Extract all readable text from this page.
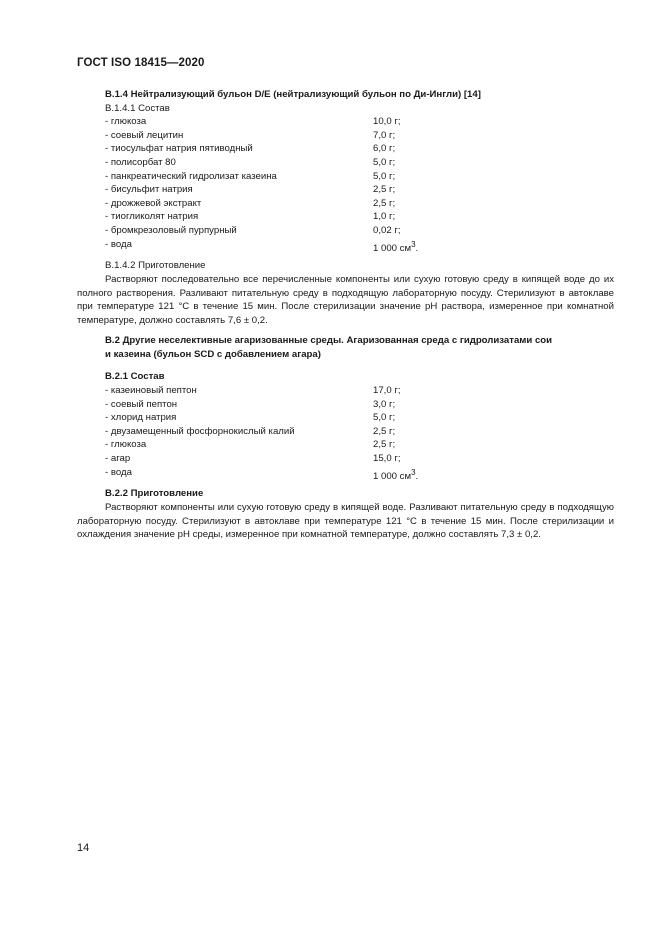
ГОСТ ISO 18415—2020
B.1.4 Нейтрализующий бульон D/E (нейтрализующий бульон по Ди-Ингли) [14]
B.1.4.1 Состав
- глюкоза	10,0 г;
- соевый лецитин	7,0 г;
- тиосульфат натрия пятиводный	6,0 г;
- полисорбат 80	5,0 г;
- панкреатический гидролизат казеина	5,0 г;
- бисульфит натрия	2,5 г;
- дрожжевой экстракт	2,5 г;
- тиогликолят натрия	1,0 г;
- бромкрезоловый пурпурный	0,02 г;
- вода	1 000 $см^3$.
B.1.4.2 Приготовление
Растворяют последовательно все перечисленные компоненты или сухую готовую среду в кипящей воде до их полного растворения. Разливают питательную среду в подходящую лабораторную посуду. Стерилизуют в автоклаве при температуре 121 °C в течение 15 мин. После стерилизации значение pH раствора, измеренное при комнатной температуре, должно составлять 7,6 ± 0,2.
B.2 Другие неселективные агаризованные среды. Агаризованная среда с гидролизатами сои
и казеина (бульон SCD с добавлением агара)
B.2.1 Состав
- казеиновый пептон	17,0 г;
- соевый пептон	3,0 г;
- хлорид натрия	5,0 г;
- двузамещенный фосфорнокислый калий	2,5 г;
- глюкоза	2,5 г;
- агар	15,0 г;
- вода	1 000 $см^3$.
B.2.2 Приготовление
Растворяют компоненты или сухую готовую среду в кипящей воде. Разливают питательную среду в подходящую лабораторную посуду. Стерилизуют в автоклаве при температуре 121 °C в течение 15 мин. После стерилизации и охлаждения значение pH среды, измеренное при комнатной температуре, должно составлять 7,3 ± 0,2.
14
